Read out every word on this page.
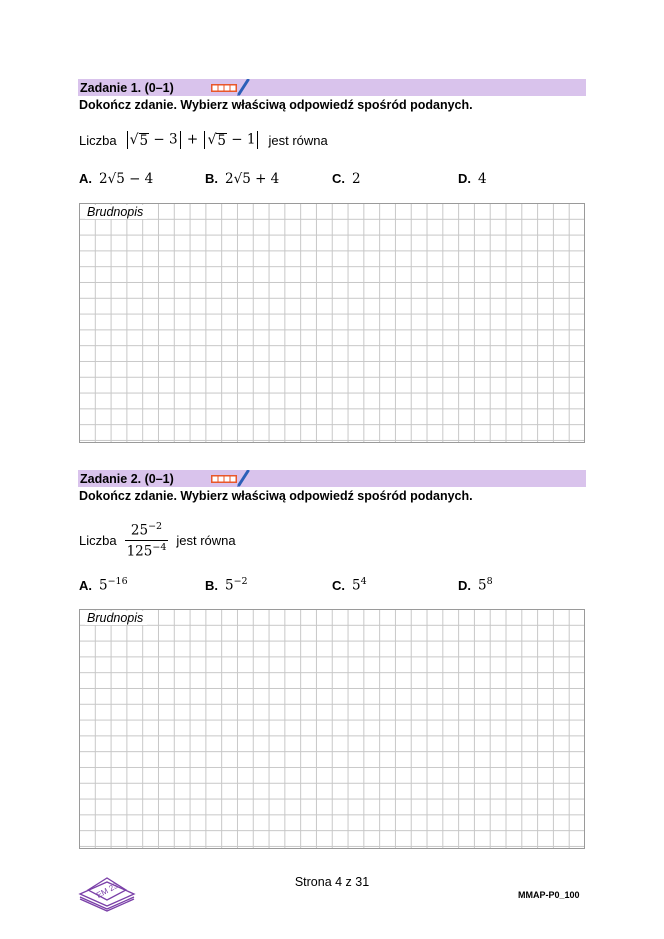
Zadanie 1. (0–1)
Dokończ zdanie. Wybierz właściwą odpowiedź spośród podanych.
Liczba √ 5 − 3 + √ 5 − 1	jest równa
A. 2√5 − 4	B. 2√5 + 4	C. 2	D. 4
Brudnopis
Zadanie 2. (0–1)
Dokończ zdanie. Wybierz właściwą odpowiedź spośród podanych.
Liczba $\frac{25^{-2}}{125^{-4}}$ jest równa
A. $5^{-16}$	B. $5^{-2}$	C. $5^4$	D. $5^8$
Brudnopis
EM 23	Strona 4 z 31
MMAP-P0_100
